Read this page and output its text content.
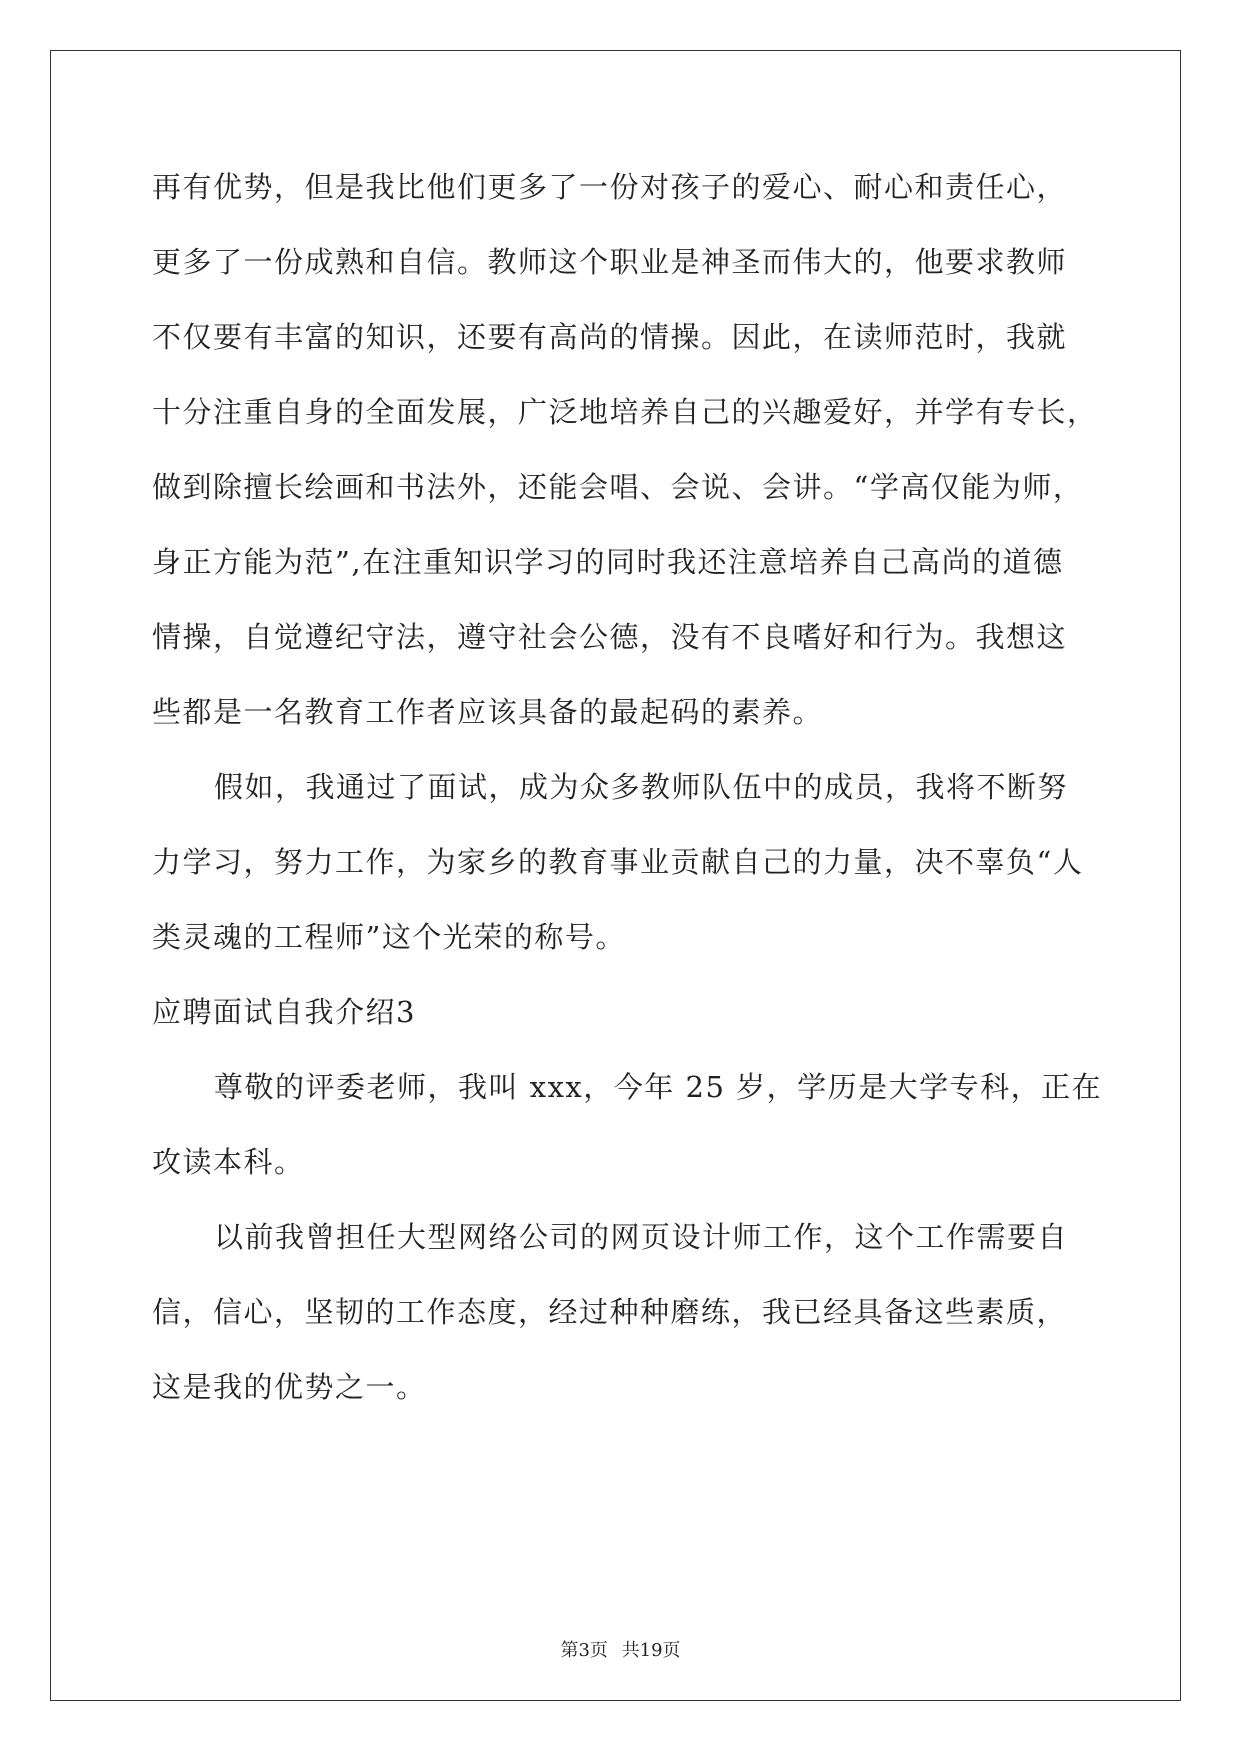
再有优势，但是我比他们更多了一份对孩子的爱心、耐心和责任心，
更多了一份成熟和自信。教师这个职业是神圣而伟大的，他要求教师
不仅要有丰富的知识，还要有高尚的情操。因此，在读师范时，我就
十分注重自身的全面发展，广泛地培养自己的兴趣爱好，并学有专长，
做到除擅长绘画和书法外，还能会唱、会说、会讲。“学高仅能为师，
身正方能为范”,在注重知识学习的同时我还注意培养自己高尚的道德
情操，自觉遵纪守法，遵守社会公德，没有不良嗜好和行为。我想这
些都是一名教育工作者应该具备的最起码的素养。
假如，我通过了面试，成为众多教师队伍中的成员，我将不断努
力学习，努力工作，为家乡的教育事业贡献自己的力量，决不辜负“人
类灵魂的工程师”这个光荣的称号。
应聘面试自我介绍3
尊敬的评委老师，我叫 xxx，今年 25 岁，学历是大学专科，正在
攻读本科。
以前我曾担任大型网络公司的网页设计师工作，这个工作需要自
信，信心，坚韧的工作态度，经过种种磨练，我已经具备这些素质，
这是我的优势之一。
第3页 共19页
